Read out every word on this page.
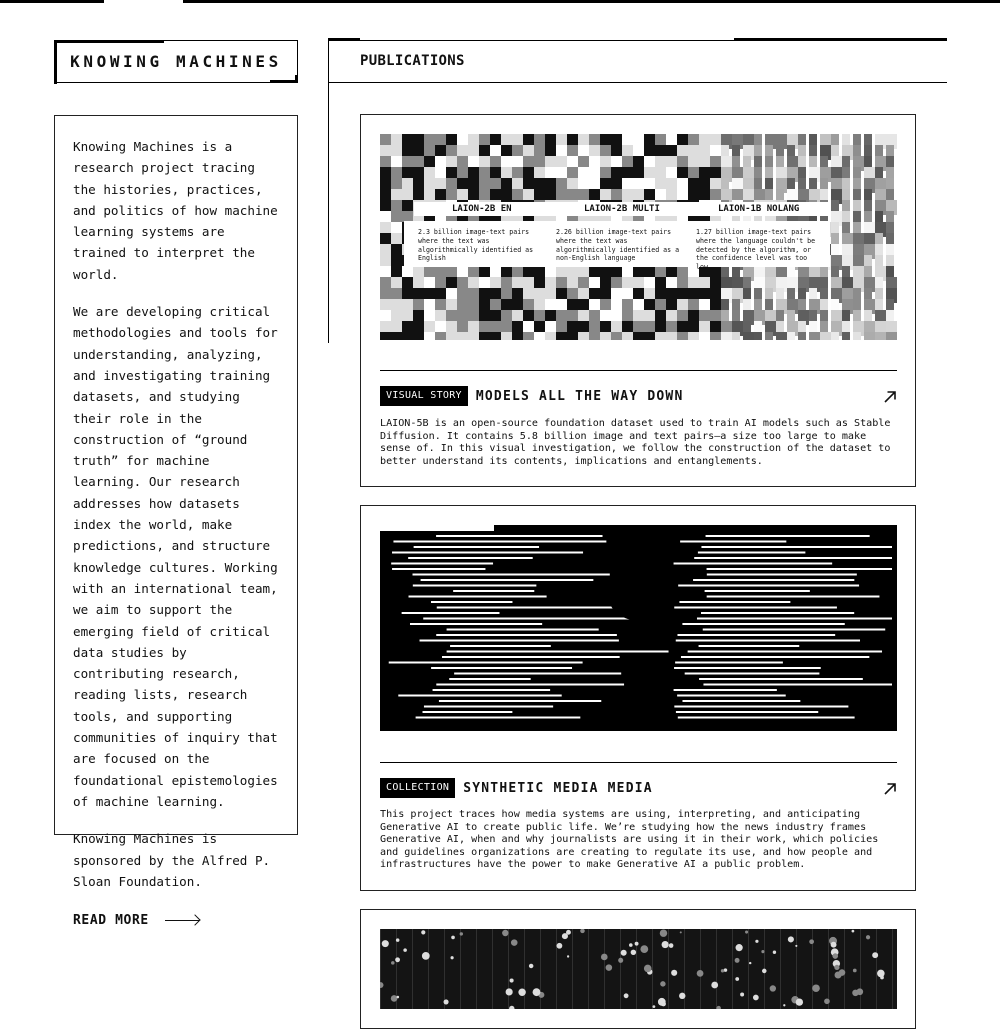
KNOWING MACHINES

Knowing Machines is a research project tracing the histories, practices, and politics of how machine learning systems are trained to interpret the world.

We are developing critical methodologies and tools for understanding, analyzing, and investigating training datasets, and studying their role in the construction of “ground truth” for machine learning. Our research addresses how datasets index the world, make predictions, and structure knowledge cultures. Working with an international team, we aim to support the emerging field of critical data studies by contributing research, reading lists, research tools, and supporting communities of inquiry that are focused on the foundational epistemologies of machine learning.

Knowing Machines is sponsored by the Alfred P. Sloan Foundation.

READ MORE
PUBLICATIONS
LAION-2B EN	LAION-2B MULTI	LAION-1B NOLANG
2.3 billion image-text pairs where the text was algorithmically identified as English
2.26 billion image-text pairs where the text was algorithmically identified as a non-English language
1.27 billion image-text pairs where the language couldn't be detected by the algorithm, or the confidence level was too low.
VISUAL STORY	MODELS ALL THE WAY DOWN
LAION-5B is an open-source foundation dataset used to train AI models such as Stable Diffusion. It contains 5.8 billion image and text pairs—a size too large to make sense of. In this visual investigation, we follow the construction of the dataset to better understand its contents, implications and entanglements.
COLLECTION	SYNTHETIC MEDIA MEDIA
This project traces how media systems are using, interpreting, and anticipating Generative AI to create public life. We’re studying how the news industry frames Generative AI, when and why journalists are using it in their work, which policies and guidelines organizations are creating to regulate its use, and how people and infrastructures have the power to make Generative AI a public problem.
